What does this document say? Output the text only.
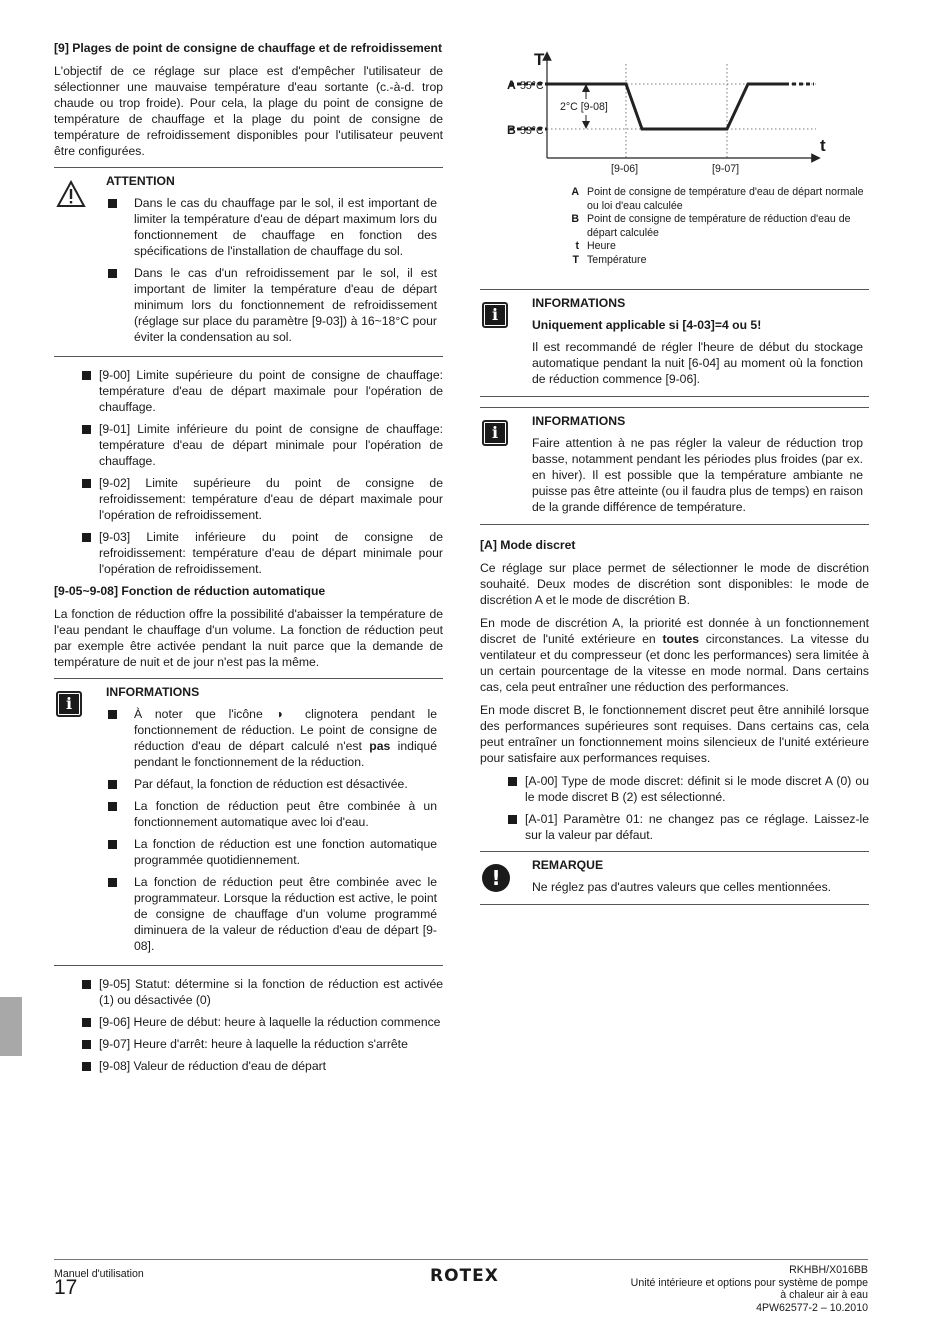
[9] Plages de point de consigne de chauffage et de refroidissement

L'objectif de ce réglage sur place est d'empêcher l'utilisateur de sélectionner une mauvaise température d'eau sortante (c.-à-d. trop chaude ou trop froide). Pour cela, la plage du point de consigne de température de chauffage et la plage du point de consigne de température de refroidissement disponibles pour l'utilisateur peuvent être configurées.

ATTENTION
Dans le cas du chauffage par le sol, il est important de limiter la température d'eau de départ maximum lors du fonctionnement de chauffage en fonction des spécifications de l'installation de chauffage du sol.
Dans le cas d'un refroidissement par le sol, il est important de limiter la température d'eau de départ minimum lors du fonctionnement de refroidissement (réglage sur place du paramètre [9-03]) à 16~18°C pour éviter la condensation au sol.
[9-00] Limite supérieure du point de consigne de chauffage: température d'eau de départ maximale pour l'opération de chauffage.
[9-01] Limite inférieure du point de consigne de chauffage: température d'eau de départ minimale pour l'opération de chauffage.
[9-02] Limite supérieure du point de consigne de refroidissement: température d'eau de départ maximale pour l'opération de refroidissement.
[9-03] Limite inférieure du point de consigne de refroidissement: température d'eau de départ minimale pour l'opération de refroidissement.
[9-05~9-08] Fonction de réduction automatique

La fonction de réduction offre la possibilité d'abaisser la température de l'eau pendant le chauffage d'un volume. La fonction de réduction peut par exemple être activée pendant la nuit parce que la demande de température de nuit et de jour n'est pas la même.

i
INFORMATIONS
À noter que l'icône ◑ clignotera pendant le fonctionnement de réduction. Le point de consigne de réduction d'eau de départ calculé n'est pas indiqué pendant le fonctionnement de la réduction.
Par défaut, la fonction de réduction est désactivée.
La fonction de réduction peut être combinée à un fonctionnement automatique avec loi d'eau.
La fonction de réduction est une fonction automatique programmée quotidiennement.
La fonction de réduction peut être combinée avec le programmateur. Lorsque la réduction est active, le point de consigne de chauffage d'un volume programmé diminuera de la valeur de réduction d'eau de départ [9-08].
[9-05] Statut: détermine si la fonction de réduction est activée (1) ou désactivée (0)
[9-06] Heure de début: heure à laquelle la réduction commence
[9-07] Heure d'arrêt: heure à laquelle la réduction s'arrête
[9-08] Valeur de réduction d'eau de départ
T
t
A 55°C
B 53°C
2°C [9-08]
[9-06]	[9-07]
A Point de consigne de température d'eau de départ normale ou loi d'eau calculée
B Point de consigne de température de réduction d'eau de départ calculée
t Heure
T Température
i
INFORMATIONS
Uniquement applicable si [4-03]=4 ou 5!

Il est recommandé de régler l'heure de début du stockage automatique pendant la nuit [6-04] au moment où la fonction de réduction commence [9-06].

i
INFORMATIONS

Faire attention à ne pas régler la valeur de réduction trop basse, notamment pendant les périodes plus froides (par ex. en hiver). Il est possible que la température ambiante ne puisse pas être atteinte (ou il faudra plus de temps) en raison de la grande différence de température.

[A] Mode discret

Ce réglage sur place permet de sélectionner le mode de discrétion souhaité. Deux modes de discrétion sont disponibles: le mode de discrétion A et le mode de discrétion B.

En mode de discrétion A, la priorité est donnée à un fonctionnement discret de l'unité extérieure en toutes circonstances. La vitesse du ventilateur et du compresseur (et donc les performances) sera limitée à un certain pourcentage de la vitesse en mode normal. Dans certains cas, cela peut entraîner une réduction des performances.

En mode discret B, le fonctionnement discret peut être annihilé lorsque des performances supérieures sont requises. Dans certains cas, cela peut entraîner un fonctionnement moins silencieux de l'unité extérieure pour satisfaire aux performances requises.

[A-00] Type de mode discret: définit si le mode discret A (0) ou le mode discret B (2) est sélectionné.
[A-01] Paramètre 01: ne changez pas ce réglage. Laissez-le sur la valeur par défaut.
!
REMARQUE

Ne réglez pas d'autres valeurs que celles mentionnées.

Manuel d'utilisation
17	ROTEX	RKHBH/X016BB
Unité intérieure et options pour système de pompe
à chaleur air à eau
4PW62577-2 – 10.2010
